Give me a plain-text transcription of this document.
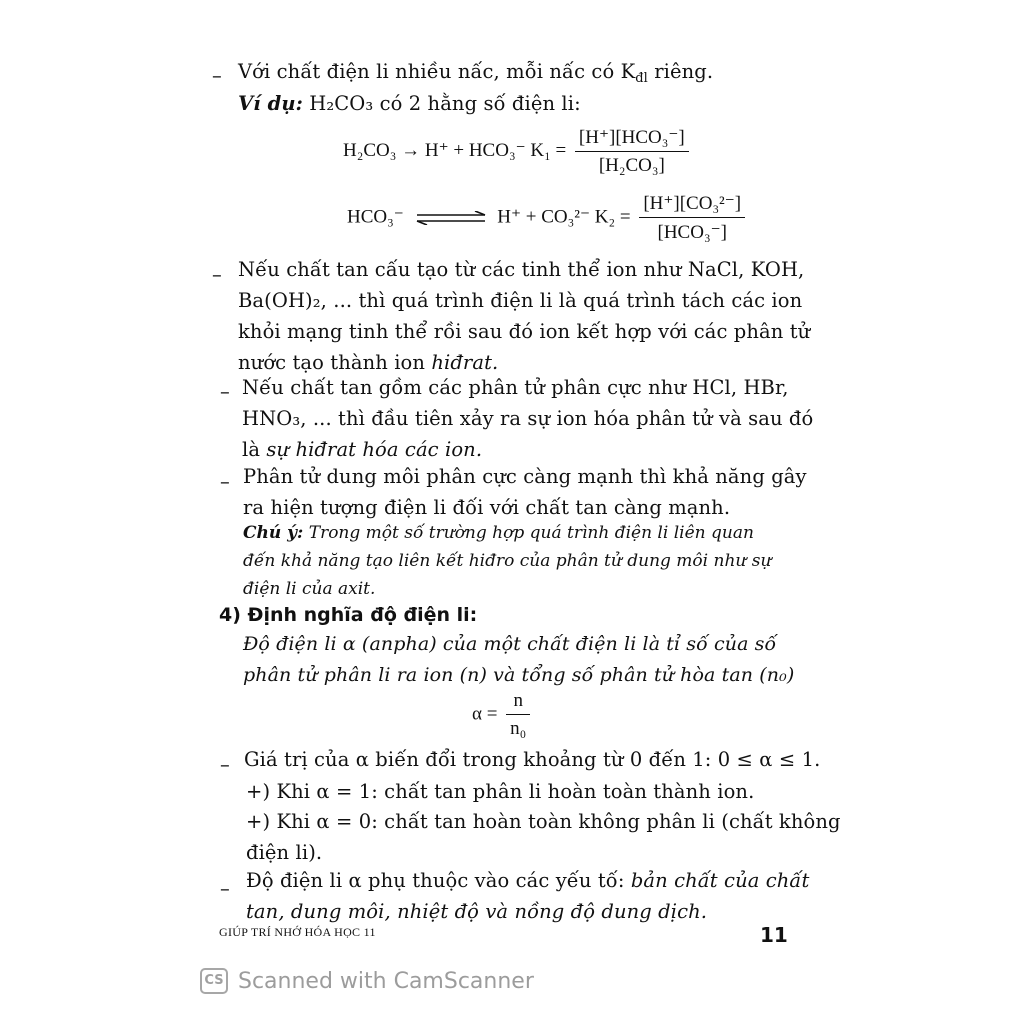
– Với chất điện li nhiều nấc, mỗi nấc có $K_{đl}$ riêng.
Ví dụ: H₂CO₃ có 2 hằng số điện li:
H₂CO₃ → H⁺ + HCO₃⁻ $K_1 = \frac{\text{[H⁺][HCO₃⁻]}}{\text{[H₂CO₃]}}$
HCO₃⁻ ⇌ H⁺ + CO₃²⁻ $K_2 = \frac{\text{[H⁺][CO₃²⁻]}}{\text{[HCO₃⁻]}}$
– Nếu chất tan cấu tạo từ các tinh thể ion như NaCl, KOH,
Ba(OH)₂, ... thì quá trình điện li là quá trình tách các ion
khỏi mạng tinh thể rồi sau đó ion kết hợp với các phân tử
nước tạo thành ion hiđrat.
– Nếu chất tan gồm các phân tử phân cực như HCl, HBr,
HNO₃, ... thì đầu tiên xảy ra sự ion hóa phân tử và sau đó
là sự hiđrat hóa các ion.
– Phân tử dung môi phân cực càng mạnh thì khả năng gây
ra hiện tượng điện li đối với chất tan càng mạnh.
Chú ý: Trong một số trường hợp quá trình điện li liên quan
đến khả năng tạo liên kết hiđro của phân tử dung môi như sự
điện li của axit.
4) Định nghĩa độ điện li:
Độ điện li α (anpha) của một chất điện li là tỉ số của số
phân tử phân li ra ion (n) và tổng số phân tử hòa tan (n₀)
$\alpha = \frac{n}{\text{n₀}}$
– Giá trị của α biến đổi trong khoảng từ 0 đến 1: 0 ≤ α ≤ 1.
+) Khi α = 1: chất tan phân li hoàn toàn thành ion.
+) Khi α = 0: chất tan hoàn toàn không phân li (chất không
điện li).
– Độ điện li α phụ thuộc vào các yếu tố: bản chất của chất
tan, dung môi, nhiệt độ và nồng độ dung dịch.
GIÚP TRÍ NHỚ HÓA HỌC 11	11
CS Scanned with CamScanner
